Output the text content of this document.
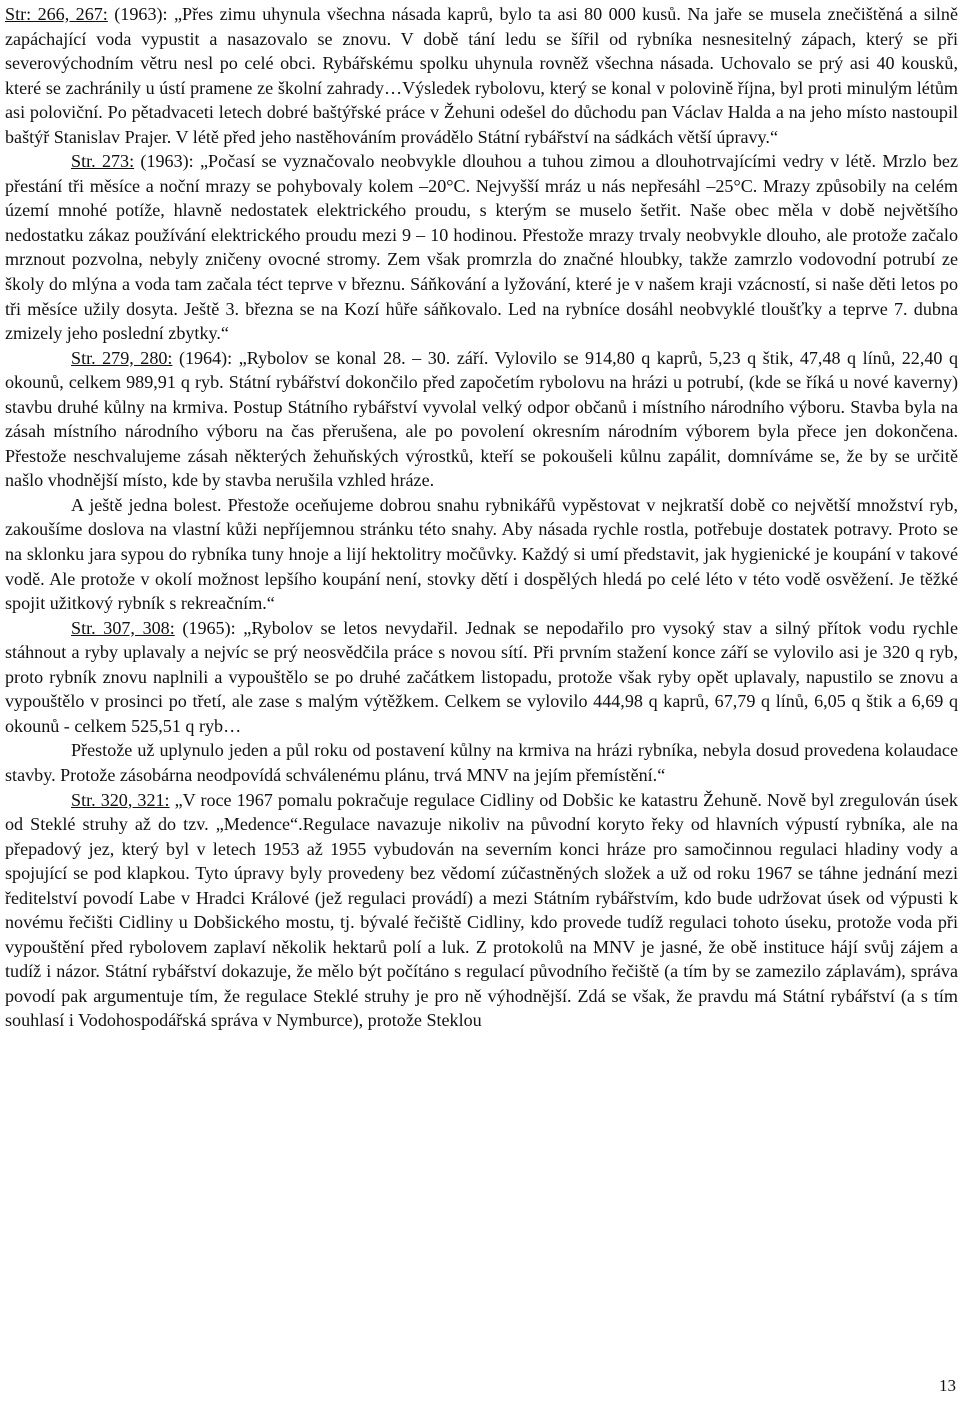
Str: 266, 267: (1963): „Přes zimu uhynula všechna násada kaprů, bylo ta asi 80 000 kusů. Na jaře se musela znečištěná a silně zapáchající voda vypustit a nasazovalo se znovu. V době tání ledu se šířil od rybníka nesnesitelný zápach, který se při severovýchodním větru nesl po celé obci. Rybářskému spolku uhynula rovněž všechna násada. Uchovalo se prý asi 40 kousků, které se zachránily u ústí pramene ze školní zahrady…Výsledek rybolovu, který se konal v polovině října, byl proti minulým létům asi poloviční. Po pětadvaceti letech dobré baštýřské práce v Žehuni odešel do důchodu pan Václav Halda a na jeho místo nastoupil baštýř Stanislav Prajer. V létě před jeho nastěhováním provádělo Státní rybářství na sádkách větší úpravy.“

Str. 273: (1963): „Počasí se vyznačovalo neobvykle dlouhou a tuhou zimou a dlouhotrvajícími vedry v létě. Mrzlo bez přestání tři měsíce a noční mrazy se pohybovaly kolem –20°C. Nejvyšší mráz u nás nepřesáhl –25°C. Mrazy způsobily na celém území mnohé potíže, hlavně nedostatek elektrického proudu, s kterým se muselo šetřit. Naše obec měla v době největšího nedostatku zákaz používání elektrického proudu mezi 9 – 10 hodinou. Přestože mrazy trvaly neobvykle dlouho, ale protože začalo mrznout pozvolna, nebyly zničeny ovocné stromy. Zem však promrzla do značné hloubky, takže zamrzlo vodovodní potrubí ze školy do mlýna a voda tam začala téct teprve v březnu. Sáňkování a lyžování, které je v našem kraji vzácností, si naše děti letos po tři měsíce užily dosyta. Ještě 3. března se na Kozí hůře sáňkovalo. Led na rybníce dosáhl neobvyklé tloušťky a teprve 7. dubna zmizely jeho poslední zbytky.“

Str. 279, 280: (1964): „Rybolov se konal 28. – 30. září. Vylovilo se 914,80 q kaprů, 5,23 q štik, 47,48 q línů, 22,40 q okounů, celkem 989,91 q ryb. Státní rybářství dokončilo před započetím rybolovu na hrázi u potrubí, (kde se říká u nové kaverny) stavbu druhé kůlny na krmiva. Postup Státního rybářství vyvolal velký odpor občanů i místního národního výboru. Stavba byla na zásah místního národního výboru na čas přerušena, ale po povolení okresním národním výborem byla přece jen dokončena. Přestože neschvalujeme zásah některých žehuňských výrostků, kteří se pokoušeli kůlnu zapálit, domníváme se, že by se určitě našlo vhodnější místo, kde by stavba nerušila vzhled hráze.

A ještě jedna bolest. Přestože oceňujeme dobrou snahu rybnikářů vypěstovat v nejkratší době co největší množství ryb, zakoušíme doslova na vlastní kůži nepříjemnou stránku této snahy. Aby násada rychle rostla, potřebuje dostatek potravy. Proto se na sklonku jara sypou do rybníka tuny hnoje a lijí hektolitry močůvky. Každý si umí představit, jak hygienické je koupání v takové vodě. Ale protože v okolí možnost lepšího koupání není, stovky dětí i dospělých hledá po celé léto v této vodě osvěžení. Je těžké spojit užitkový rybník s rekreačním.“

Str. 307, 308: (1965): „Rybolov se letos nevydařil. Jednak se nepodařilo pro vysoký stav a silný přítok vodu rychle stáhnout a ryby uplavaly a nejvíc se prý neosvědčila práce s novou sítí. Při prvním stažení konce září se vylovilo asi je 320 q ryb, proto rybník znovu naplnili a vypouštělo se po druhé začátkem listopadu, protože však ryby opět uplavaly, napustilo se znovu a vypouštělo v prosinci po třetí, ale zase s malým výtěžkem. Celkem se vylovilo 444,98 q kaprů, 67,79 q línů, 6,05 q štik a 6,69 q okounů - celkem 525,51 q ryb…

Přestože už uplynulo jeden a půl roku od postavení kůlny na krmiva na hrázi rybníka, nebyla dosud provedena kolaudace stavby. Protože zásobárna neodpovídá schválenému plánu, trvá MNV na jejím přemístění.“

Str. 320, 321: „V roce 1967 pomalu pokračuje regulace Cidliny od Dobšic ke katastru Žehuně. Nově byl zregulován úsek od Steklé struhy až do tzv. „Medence“.Regulace navazuje nikoliv na původní koryto řeky od hlavních výpustí rybníka, ale na přepadový jez, který byl v letech 1953 až 1955 vybudován na severním konci hráze pro samočinnou regulaci hladiny vody a spojující se pod klapkou. Tyto úpravy byly provedeny bez vědomí zúčastněných složek a už od roku 1967 se táhne jednání mezi ředitelství povodí Labe v Hradci Králové (jež regulaci provádí) a mezi Státním rybářstvím, kdo bude udržovat úsek od výpusti k novému řečišti Cidliny u Dobšického mostu, tj. bývalé řečiště Cidliny, kdo provede tudíž regulaci tohoto úseku, protože voda při vypouštění před rybolovem zaplaví několik hektarů polí a luk. Z protokolů na MNV je jasné, že obě instituce hájí svůj zájem a tudíž i názor. Státní rybářství dokazuje, že mělo být počítáno s regulací původního řečiště (a tím by se zamezilo záplavám), správa povodí pak argumentuje tím, že regulace Steklé struhy je pro ně výhodnější. Zdá se však, že pravdu má Státní rybářství (a s tím souhlasí i Vodohospodářská správa v Nymburce), protože Steklou

13
